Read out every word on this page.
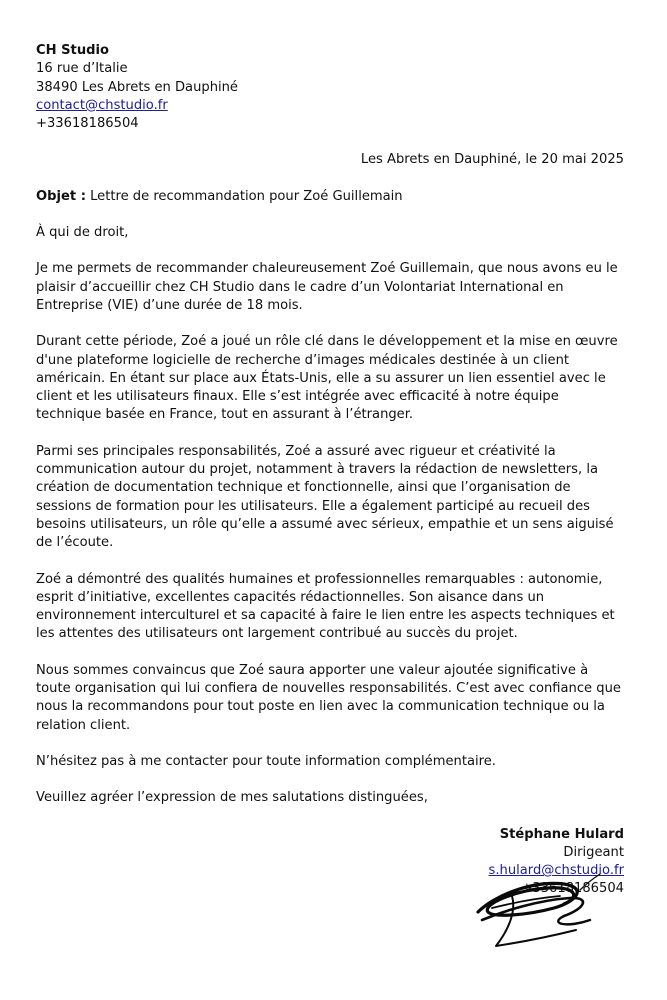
CH Studio
16 rue d’Italie
38490 Les Abrets en Dauphiné
contact@chstudio.fr
+33618186504
Les Abrets en Dauphiné, le 20 mai 2025
Objet : Lettre de recommandation pour Zoé Guillemain
À qui de droit,

Je me permets de recommander chaleureusement Zoé Guillemain, que nous avons eu le plaisir d’accueillir chez CH Studio dans le cadre d’un Volontariat International en Entreprise (VIE) d’une durée de 18 mois.

Durant cette période, Zoé a joué un rôle clé dans le développement et la mise en œuvre d'une plateforme logicielle de recherche d’images médicales destinée à un client américain. En étant sur place aux États-Unis, elle a su assurer un lien essentiel avec le client et les utilisateurs finaux. Elle s’est intégrée avec efficacité à notre équipe technique basée en France, tout en assurant à l’étranger.

Parmi ses principales responsabilités, Zoé a assuré avec rigueur et créativité la communication autour du projet, notamment à travers la rédaction de newsletters, la création de documentation technique et fonctionnelle, ainsi que l’organisation de sessions de formation pour les utilisateurs. Elle a également participé au recueil des besoins utilisateurs, un rôle qu’elle a assumé avec sérieux, empathie et un sens aiguisé de l’écoute.

Zoé a démontré des qualités humaines et professionnelles remarquables : autonomie, esprit d’initiative, excellentes capacités rédactionnelles. Son aisance dans un environnement interculturel et sa capacité à faire le lien entre les aspects techniques et les attentes des utilisateurs ont largement contribué au succès du projet.

Nous sommes convaincus que Zoé saura apporter une valeur ajoutée significative à toute organisation qui lui confiera de nouvelles responsabilités. C’est avec confiance que nous la recommandons pour tout poste en lien avec la communication technique ou la relation client.

N’hésitez pas à me contacter pour toute information complémentaire.

Veuillez agréer l’expression de mes salutations distinguées,

Stéphane Hulard
Dirigeant
s.hulard@chstudio.fr
+33618186504
